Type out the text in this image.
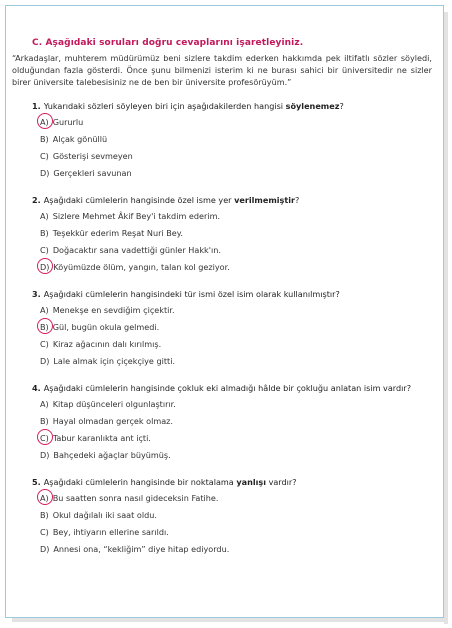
C. Aşağıdaki soruları doğru cevaplarını işaretleyiniz.

“Arkadaşlar, muhterem müdürümüz beni sizlere takdim ederken hakkımda pek iltifatlı sözler söyledi, olduğundan fazla gösterdi. Önce şunu bilmenizi isterim ki ne burası sahici bir üniversitedir ne sizler birer üniversite talebesisiniz ne de ben bir üniversite profesörüyüm.”

1. Yukarıdaki sözleri söyleyen biri için aşağıdakilerden hangisi söylenemez?
A) Gururlu
B) Alçak gönüllü
C) Gösterişi sevmeyen
D) Gerçekleri savunan
2. Aşağıdaki cümlelerin hangisinde özel isme yer verilmemiştir?
A) Sizlere Mehmet Âkif Bey'i takdim ederim.
B) Teşekkür ederim Reşat Nuri Bey.
C) Doğacaktır sana vadettiği günler Hakk'ın.
D) Köyümüzde ölüm, yangın, talan kol geziyor.
3. Aşağıdaki cümlelerin hangisindeki tür ismi özel isim olarak kullanılmıştır?
A) Menekşe en sevdiğim çiçektir.
B) Gül, bugün okula gelmedi.
C) Kiraz ağacının dalı kırılmış.
D) Lale almak için çiçekçiye gitti.
4. Aşağıdaki cümlelerin hangisinde çokluk eki almadığı hâlde bir çokluğu anlatan isim vardır?
A) Kitap düşünceleri olgunlaştırır.
B) Hayal olmadan gerçek olmaz.
C) Tabur karanlıkta ant içti.
D) Bahçedeki ağaçlar büyümüş.
5. Aşağıdaki cümlelerin hangisinde bir noktalama yanlışı vardır?
A) Bu saatten sonra nasıl gideceksin Fatihe.
B) Okul dağılalı iki saat oldu.
C) Bey, ihtiyarın ellerine sarıldı.
D) Annesi ona, “kekliğim” diye hitap ediyordu.
